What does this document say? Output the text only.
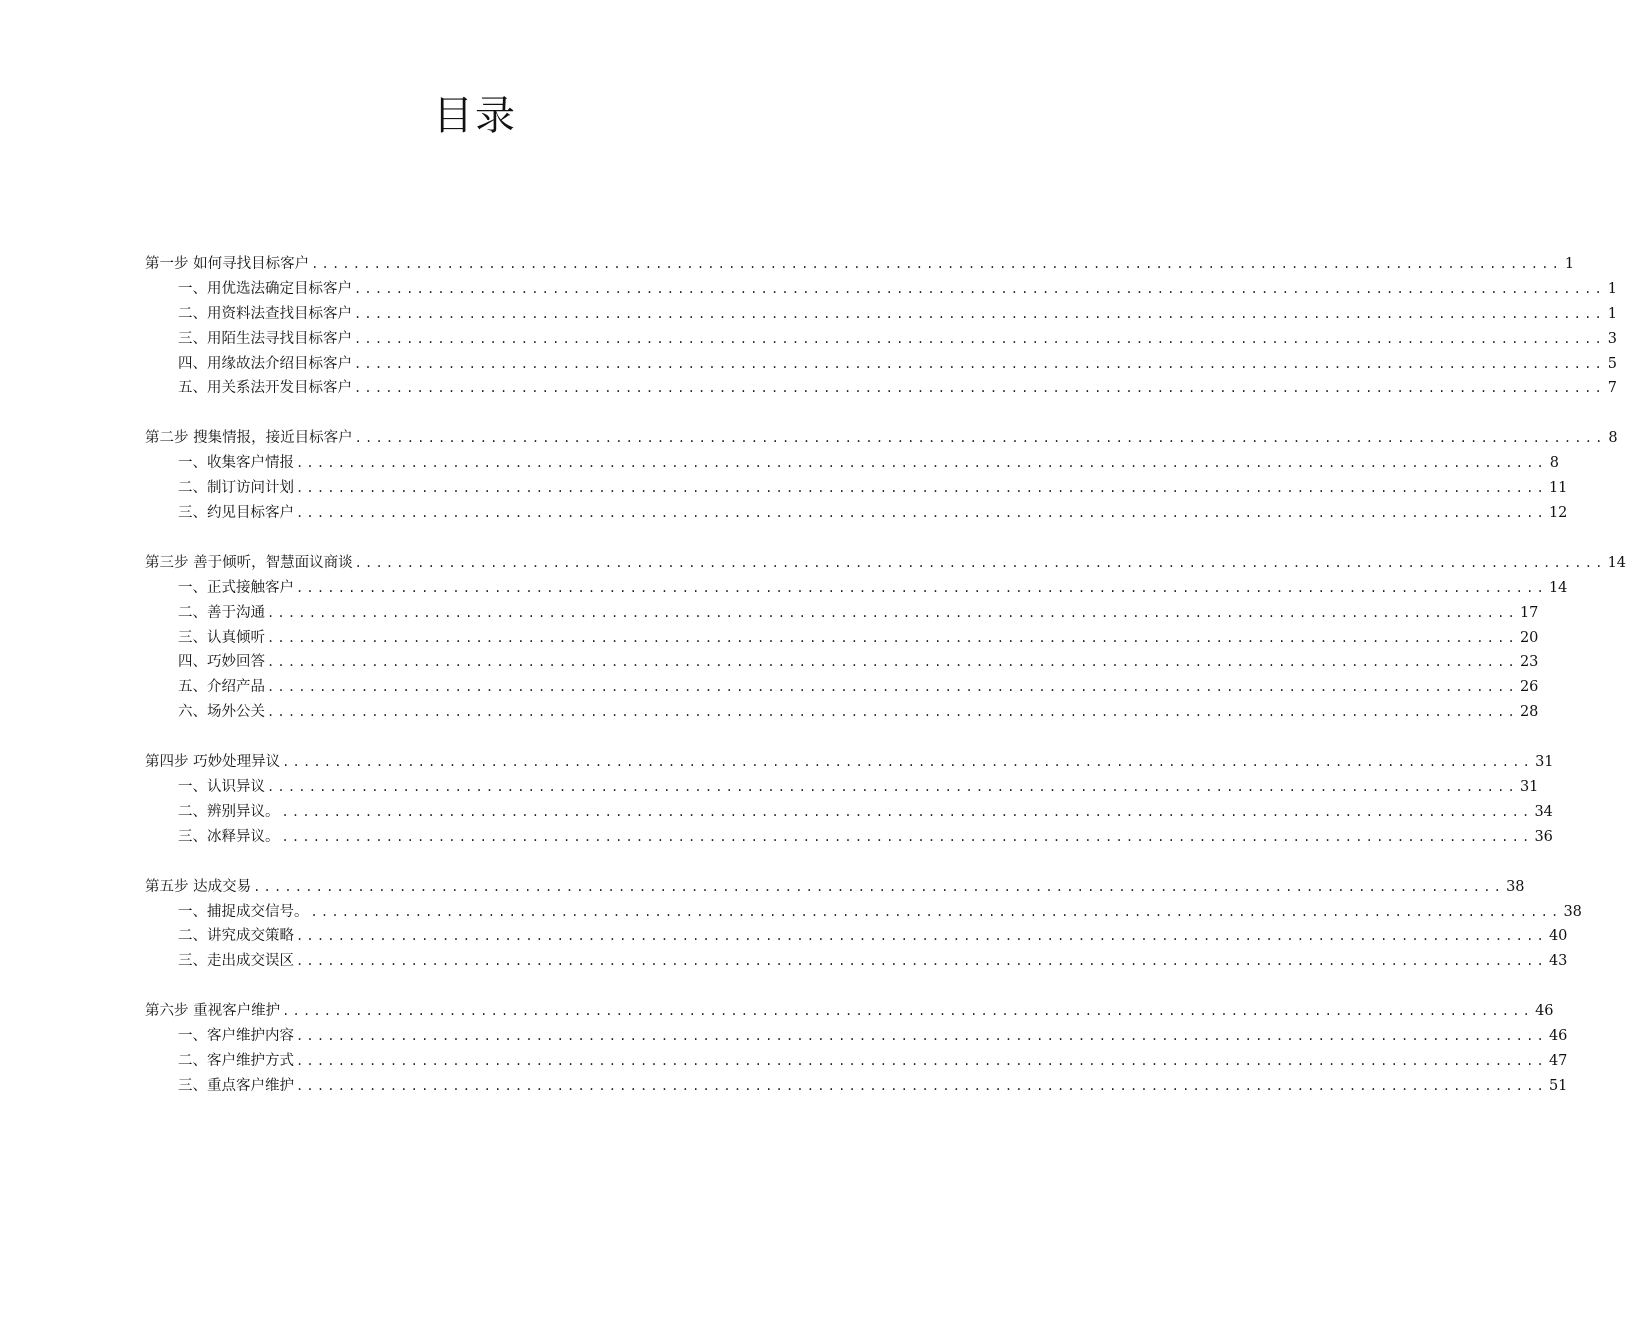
目录
第一步 如何寻找目标客户 ........................................................................................................................ 1
一、用优选法确定目标客户 ........................................................................................................................ 1
二、用资料法查找目标客户 ........................................................................................................................ 1
三、用陌生法寻找目标客户 ........................................................................................................................ 3
四、用缘故法介绍目标客户 ........................................................................................................................ 5
五、用关系法开发目标客户 ........................................................................................................................ 7
第二步 搜集情报，接近目标客户 ........................................................................................................................ 8
一、收集客户情报 ........................................................................................................................ 8
二、制订访问计划 ........................................................................................................................ 11
三、约见目标客户 ........................................................................................................................ 12
第三步 善于倾听，智慧面议商谈 ........................................................................................................................ 14
一、正式接触客户 ........................................................................................................................ 14
二、善于沟通 ........................................................................................................................ 17
三、认真倾听 ........................................................................................................................ 20
四、巧妙回答 ........................................................................................................................ 23
五、介绍产品 ........................................................................................................................ 26
六、场外公关 ........................................................................................................................ 28
第四步 巧妙处理异议 ........................................................................................................................ 31
一、认识异议 ........................................................................................................................ 31
二、辨别异议。 ........................................................................................................................ 34
三、冰释异议。 ........................................................................................................................ 36
第五步 达成交易 ........................................................................................................................ 38
一、捕捉成交信号。 ........................................................................................................................ 38
二、讲究成交策略 ........................................................................................................................ 40
三、走出成交误区 ........................................................................................................................ 43
第六步 重视客户维护 ........................................................................................................................ 46
一、客户维护内容 ........................................................................................................................ 46
二、客户维护方式 ........................................................................................................................ 47
三、重点客户维护 ........................................................................................................................ 51
